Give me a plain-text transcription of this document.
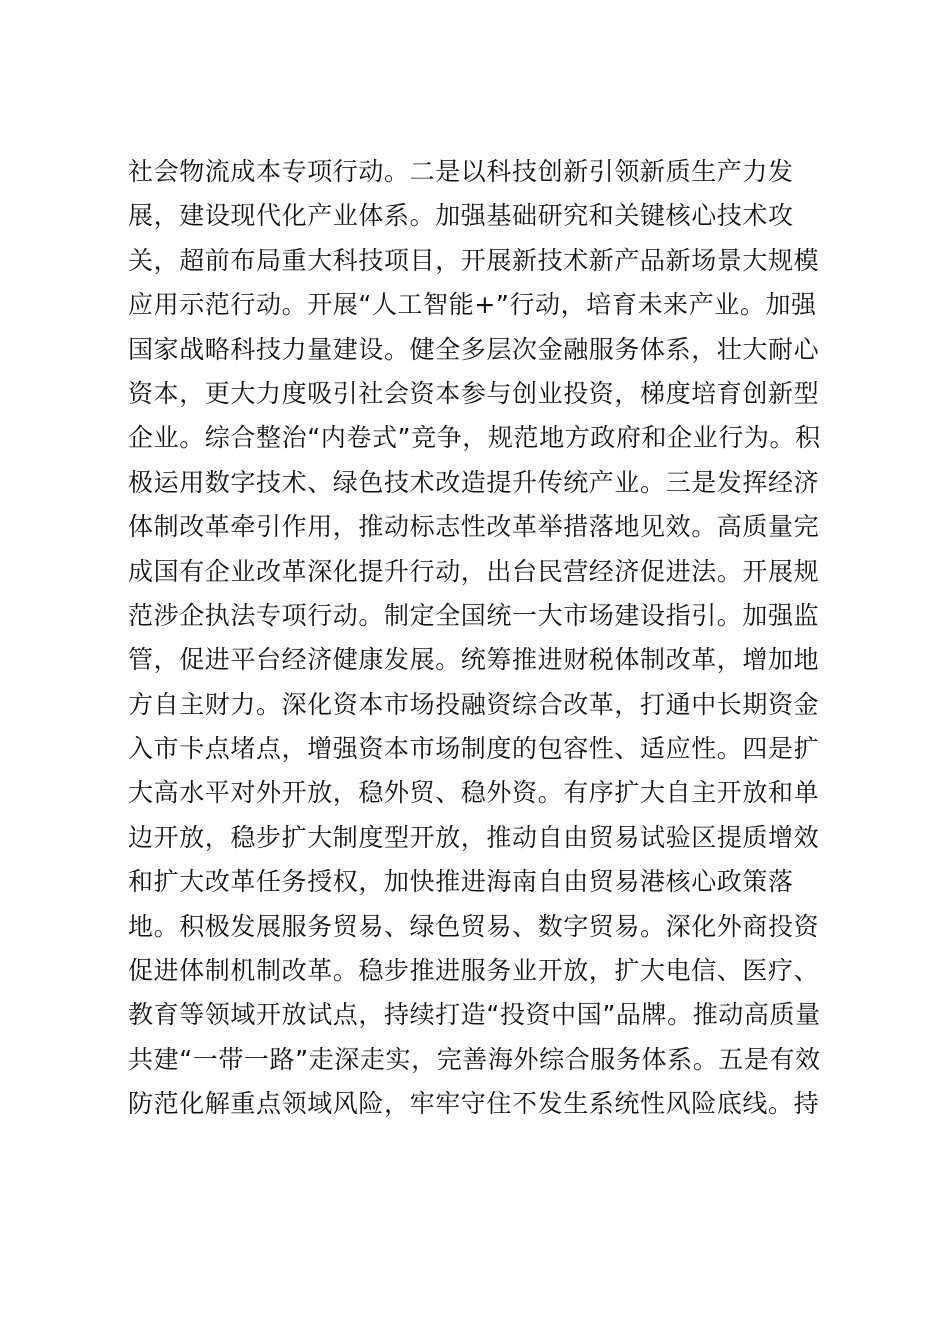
社会物流成本专项行动。二是以科技创新引领新质生产力发
展，建设现代化产业体系。加强基础研究和关键核心技术攻
关，超前布局重大科技项目，开展新技术新产品新场景大规模
应用示范行动。开展“人工智能+”行动，培育未来产业。加强
国家战略科技力量建设。健全多层次金融服务体系，壮大耐心
资本，更大力度吸引社会资本参与创业投资，梯度培育创新型
企业。综合整治“内卷式”竞争，规范地方政府和企业行为。积
极运用数字技术、绿色技术改造提升传统产业。三是发挥经济
体制改革牵引作用，推动标志性改革举措落地见效。高质量完
成国有企业改革深化提升行动，出台民营经济促进法。开展规
范涉企执法专项行动。制定全国统一大市场建设指引。加强监
管，促进平台经济健康发展。统筹推进财税体制改革，增加地
方自主财力。深化资本市场投融资综合改革，打通中长期资金
入市卡点堵点，增强资本市场制度的包容性、适应性。四是扩
大高水平对外开放，稳外贸、稳外资。有序扩大自主开放和单
边开放，稳步扩大制度型开放，推动自由贸易试验区提质增效
和扩大改革任务授权，加快推进海南自由贸易港核心政策落
地。积极发展服务贸易、绿色贸易、数字贸易。深化外商投资
促进体制机制改革。稳步推进服务业开放，扩大电信、医疗、
教育等领域开放试点，持续打造“投资中国”品牌。推动高质量
共建“一带一路”走深走实，完善海外综合服务体系。五是有效
防范化解重点领域风险，牢牢守住不发生系统性风险底线。持
